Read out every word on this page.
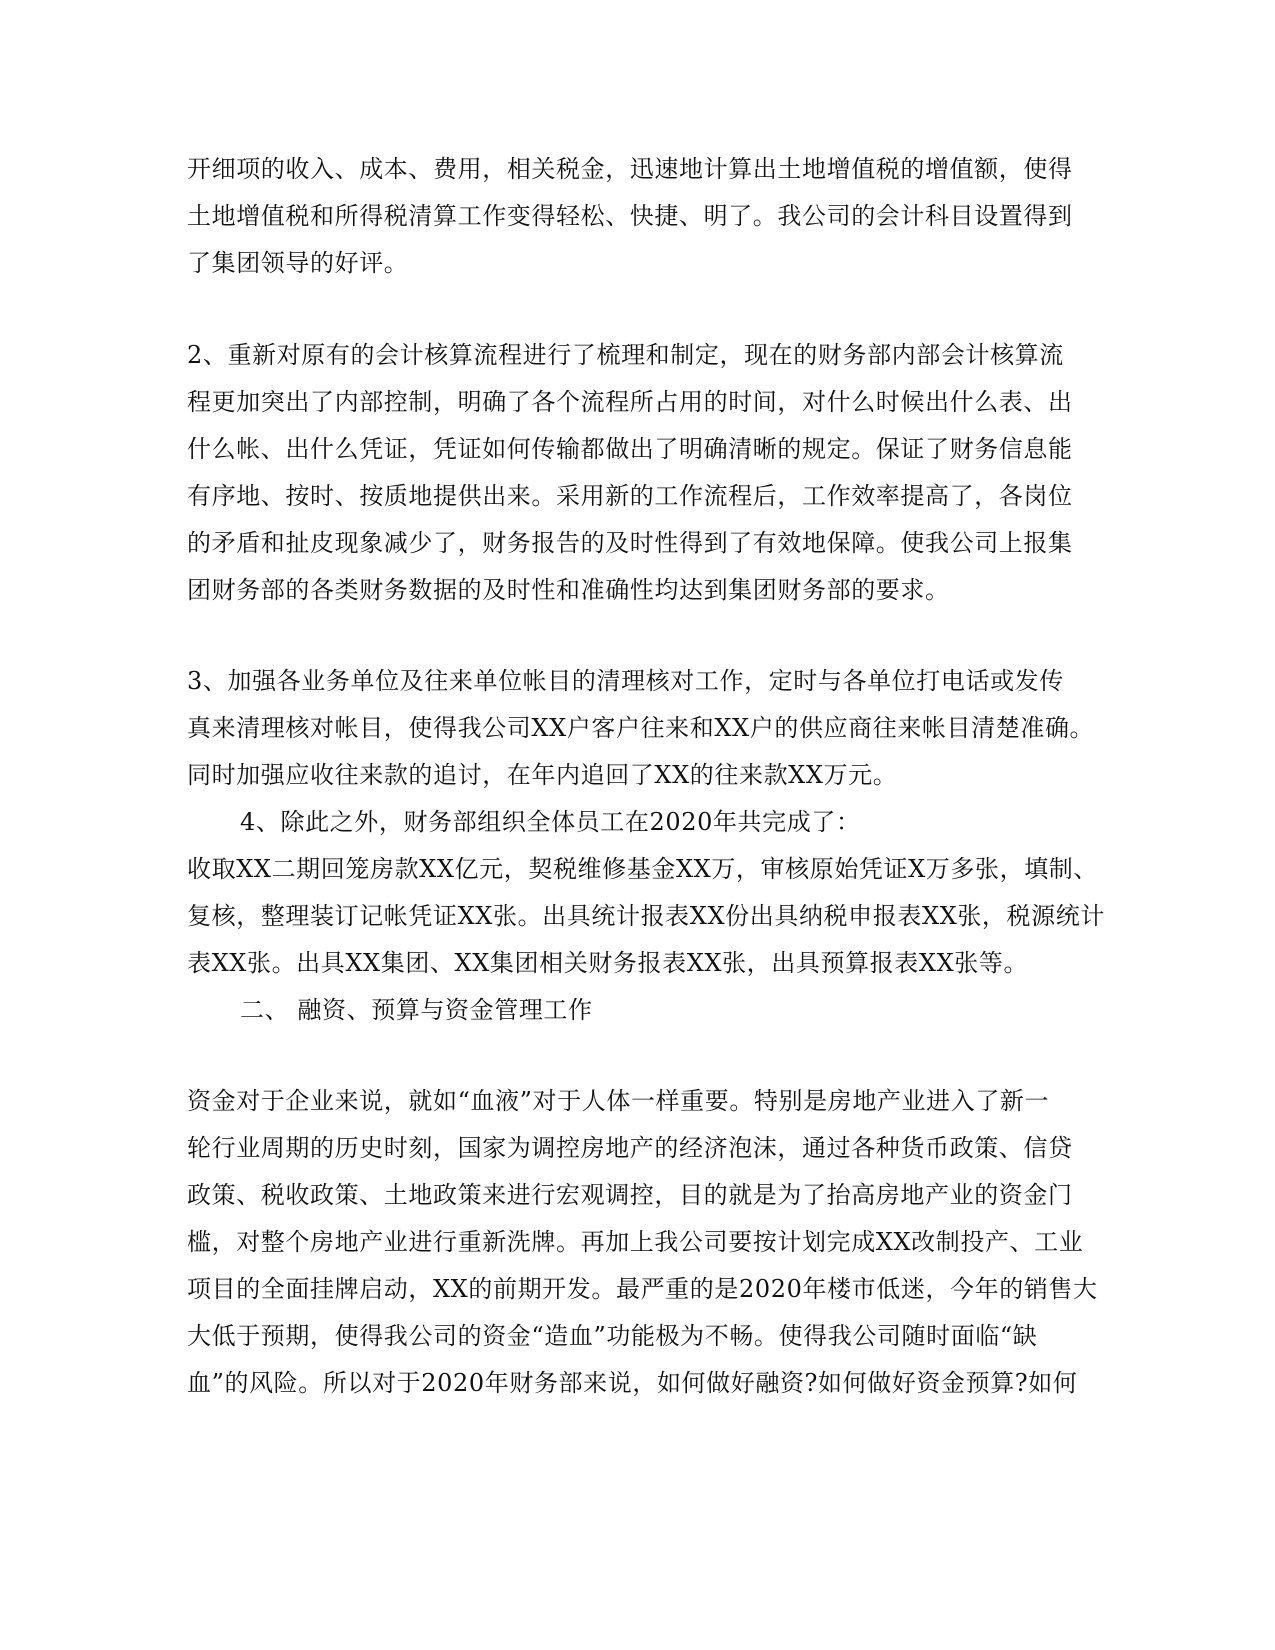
开细项的收入、成本、费用，相关税金，迅速地计算出土地增值税的增值额，使得
土地增值税和所得税清算工作变得轻松、快捷、明了。我公司的会计科目设置得到
了集团领导的好评。
2、重新对原有的会计核算流程进行了梳理和制定，现在的财务部内部会计核算流
程更加突出了内部控制，明确了各个流程所占用的时间，对什么时候出什么表、出
什么帐、出什么凭证，凭证如何传输都做出了明确清晰的规定。保证了财务信息能
有序地、按时、按质地提供出来。采用新的工作流程后，工作效率提高了，各岗位
的矛盾和扯皮现象减少了，财务报告的及时性得到了有效地保障。使我公司上报集
团财务部的各类财务数据的及时性和准确性均达到集团财务部的要求。
3、加强各业务单位及往来单位帐目的清理核对工作，定时与各单位打电话或发传
真来清理核对帐目，使得我公司XX户客户往来和XX户的供应商往来帐目清楚准确。
同时加强应收往来款的追讨，在年内追回了XX的往来款XX万元。
4、除此之外，财务部组织全体员工在2020年共完成了：
收取XX二期回笼房款XX亿元，契税维修基金XX万，审核原始凭证X万多张，填制、
复核，整理装订记帐凭证XX张。出具统计报表XX份出具纳税申报表XX张，税源统计
表XX张。出具XX集团、XX集团相关财务报表XX张，出具预算报表XX张等。
二、 融资、预算与资金管理工作
资金对于企业来说，就如“血液”对于人体一样重要。特别是房地产业进入了新一
轮行业周期的历史时刻，国家为调控房地产的经济泡沫，通过各种货币政策、信贷
政策、税收政策、土地政策来进行宏观调控，目的就是为了抬高房地产业的资金门
槛，对整个房地产业进行重新洗牌。再加上我公司要按计划完成XX改制投产、工业
项目的全面挂牌启动，XX的前期开发。最严重的是2020年楼市低迷，今年的销售大
大低于预期，使得我公司的资金“造血”功能极为不畅。使得我公司随时面临“缺
血”的风险。所以对于2020年财务部来说，如何做好融资?如何做好资金预算?如何
